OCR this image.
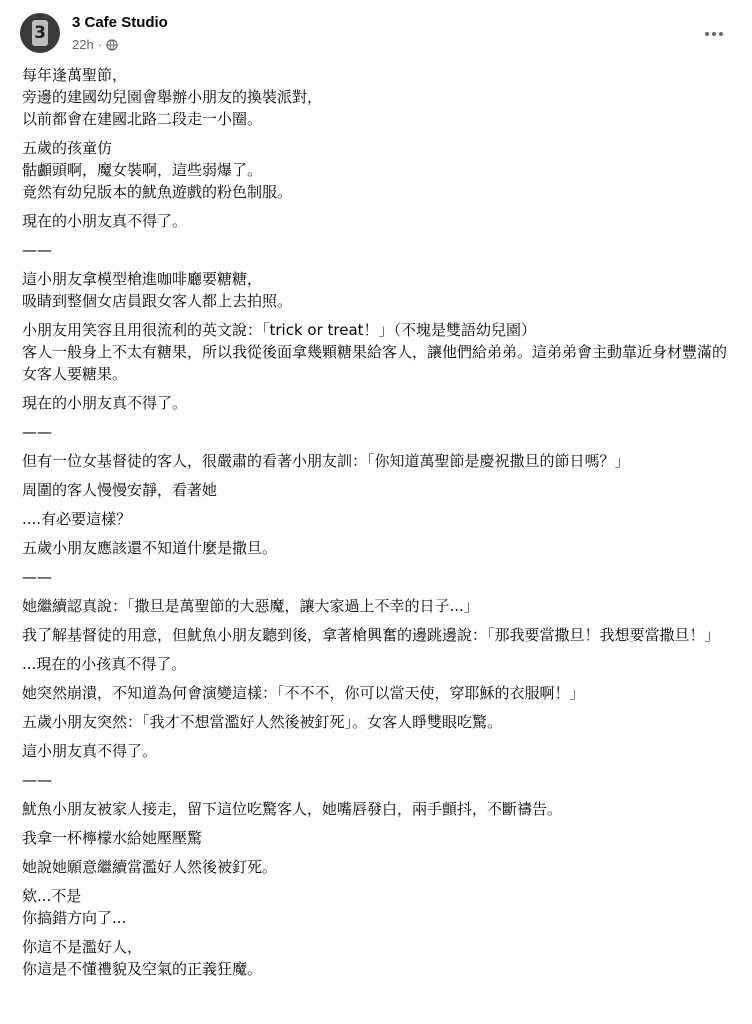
3
3 Cafe Studio
22h ·

每年逢萬聖節，
旁邊的建國幼兒園會舉辦小朋友的換裝派對，
以前都會在建國北路二段走一小圈。

五歲的孩童仿
骷顱頭啊，魔女裝啊，這些弱爆了。
竟然有幼兒版本的魷魚遊戲的粉色制服。

現在的小朋友真不得了。

——

這小朋友拿模型槍進咖啡廳要糖糖，
吸睛到整個女店員跟女客人都上去拍照。

小朋友用笑容且用很流利的英文說：「trick or treat！」（不塊是雙語幼兒園）
客人一般身上不太有糖果，所以我從後面拿幾顆糖果給客人，讓他們給弟弟。這弟弟會主動靠近身材豐滿的女客人要糖果。

現在的小朋友真不得了。

——

但有一位女基督徒的客人，很嚴肅的看著小朋友訓：「你知道萬聖節是慶祝撒旦的節日嗎？」

周圍的客人慢慢安靜，看著她

....有必要這樣？

五歲小朋友應該還不知道什麼是撒旦。

——

她繼續認真說：「撒旦是萬聖節的大惡魔，讓大家過上不幸的日子...」

我了解基督徒的用意，但魷魚小朋友聽到後，拿著槍興奮的邊跳邊說：「那我要當撒旦！我想要當撒旦！」

...現在的小孩真不得了。

她突然崩潰，不知道為何會演變這樣：「不不不，你可以當天使，穿耶穌的衣服啊！」

五歲小朋友突然：「我才不想當濫好人然後被釘死」。女客人睜雙眼吃驚。

這小朋友真不得了。

——

魷魚小朋友被家人接走，留下這位吃驚客人，她嘴唇發白，兩手顫抖，不斷禱告。

我拿一杯檸檬水給她壓壓驚

她說她願意繼續當濫好人然後被釘死。

欸...不是
你搞錯方向了...

你這不是濫好人，
你這是不懂禮貌及空氣的正義狂魔。
